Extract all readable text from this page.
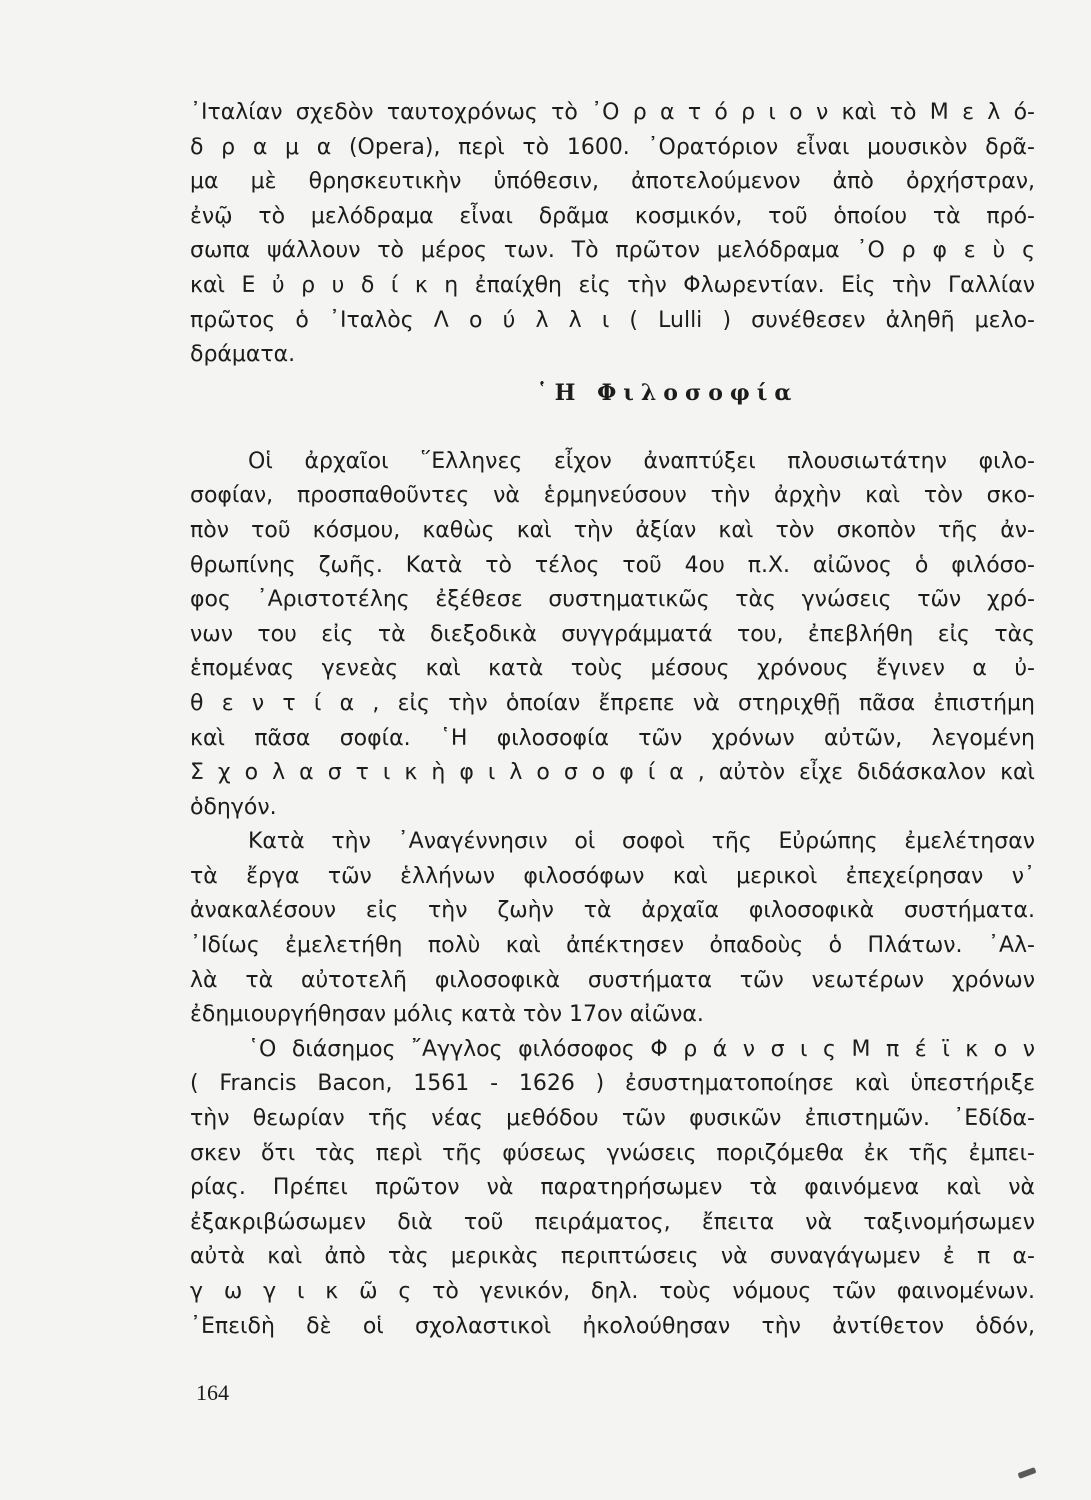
᾿Ιταλίαν σχεδὸν ταυτοχρόνως τὸ ᾿Ο ρ α τ ό ρ ι ο ν καὶ τὸ Μ ε λ ό-
δ ρ α μ α (Opera), περὶ τὸ 1600. ᾿Ορατόριον εἶναι μουσικὸν δρᾶ-
μα μὲ θρησκευτικὴν ὑπόθεσιν, ἀποτελούμενον ἀπὸ ὀρχήστραν,
ἐνῷ τὸ μελόδραμα εἶναι δρᾶμα κοσμικόν, τοῦ ὁποίου τὰ πρό-
σωπα ψάλλουν τὸ μέρος των. Τὸ πρῶτον μελόδραμα ᾿Ο ρ φ ε ὺ ς
καὶ Ε ὐ ρ υ δ ί κ η ἐπαίχθη εἰς τὴν Φλωρεντίαν. Εἰς τὴν Γαλλίαν
πρῶτος ὁ ᾿Ιταλὸς Λ ο ύ λ λ ι ( Lulli ) συνέθεσεν ἀληθῆ μελο-
δράματα.
῾Η Φιλοσοφία
Οἱ ἀρχαῖοι ῞Ελληνες εἶχον ἀναπτύξει πλουσιωτάτην φιλο-
σοφίαν, προσπαθοῦντες νὰ ἑρμηνεύσουν τὴν ἀρχὴν καὶ τὸν σκο-
πὸν τοῦ κόσμου, καθὼς καὶ τὴν ἀξίαν καὶ τὸν σκοπὸν τῆς ἀν-
θρωπίνης ζωῆς. Κατὰ τὸ τέλος τοῦ 4ου π.Χ. αἰῶνος ὁ φιλόσο-
φος ᾿Αριστοτέλης ἐξέθεσε συστηματικῶς τὰς γνώσεις τῶν χρό-
νων του εἰς τὰ διεξοδικὰ συγγράμματά του, ἐπεβλήθη εἰς τὰς
ἑπομένας γενεὰς καὶ κατὰ τοὺς μέσους χρόνους ἔγινεν α ὐ-
θ ε ν τ ί α , εἰς τὴν ὁποίαν ἔπρεπε νὰ στηριχθῇ πᾶσα ἐπιστήμη
καὶ πᾶσα σοφία. ῾Η φιλοσοφία τῶν χρόνων αὐτῶν, λεγομένη
Σ χ ο λ α σ τ ι κ ὴ φ ι λ ο σ ο φ ί α , αὐτὸν εἶχε διδάσκαλον καὶ
ὁδηγόν.
Κατὰ τὴν ᾿Αναγέννησιν οἱ σοφοὶ τῆς Εὐρώπης ἐμελέτησαν
τὰ ἔργα τῶν ἑλλήνων φιλοσόφων καὶ μερικοὶ ἐπεχείρησαν ν᾿
ἀνακαλέσουν εἰς τὴν ζωὴν τὰ ἀρχαῖα φιλοσοφικὰ συστήματα.
᾿Ιδίως ἐμελετήθη πολὺ καὶ ἀπέκτησεν ὀπαδοὺς ὁ Πλάτων. ᾿Αλ-
λὰ τὰ αὐτοτελῆ φιλοσοφικὰ συστήματα τῶν νεωτέρων χρόνων
ἐδημιουργήθησαν μόλις κατὰ τὸν 17ον αἰῶνα.
῾Ο διάσημος ῎Αγγλος φιλόσοφος Φ ρ ά ν σ ι ς Μ π έ ϊ κ ο ν
( Francis Bacon, 1561 - 1626 ) ἐσυστηματοποίησε καὶ ὑπεστήριξε
τὴν θεωρίαν τῆς νέας μεθόδου τῶν φυσικῶν ἐπιστημῶν. ᾿Εδίδα-
σκεν ὅτι τὰς περὶ τῆς φύσεως γνώσεις ποριζόμεθα ἐκ τῆς ἐμπει-
ρίας. Πρέπει πρῶτον νὰ παρατηρήσωμεν τὰ φαινόμενα καὶ νὰ
ἐξακριβώσωμεν διὰ τοῦ πειράματος, ἔπειτα νὰ ταξινομήσωμεν
αὐτὰ καὶ ἀπὸ τὰς μερικὰς περιπτώσεις νὰ συναγάγωμεν ἐ π α-
γ ω γ ι κ ῶ ς τὸ γενικόν, δηλ. τοὺς νόμους τῶν φαινομένων.
᾿Επειδὴ δὲ οἱ σχολαστικοὶ ἠκολούθησαν τὴν ἀντίθετον ὁδόν,
164
